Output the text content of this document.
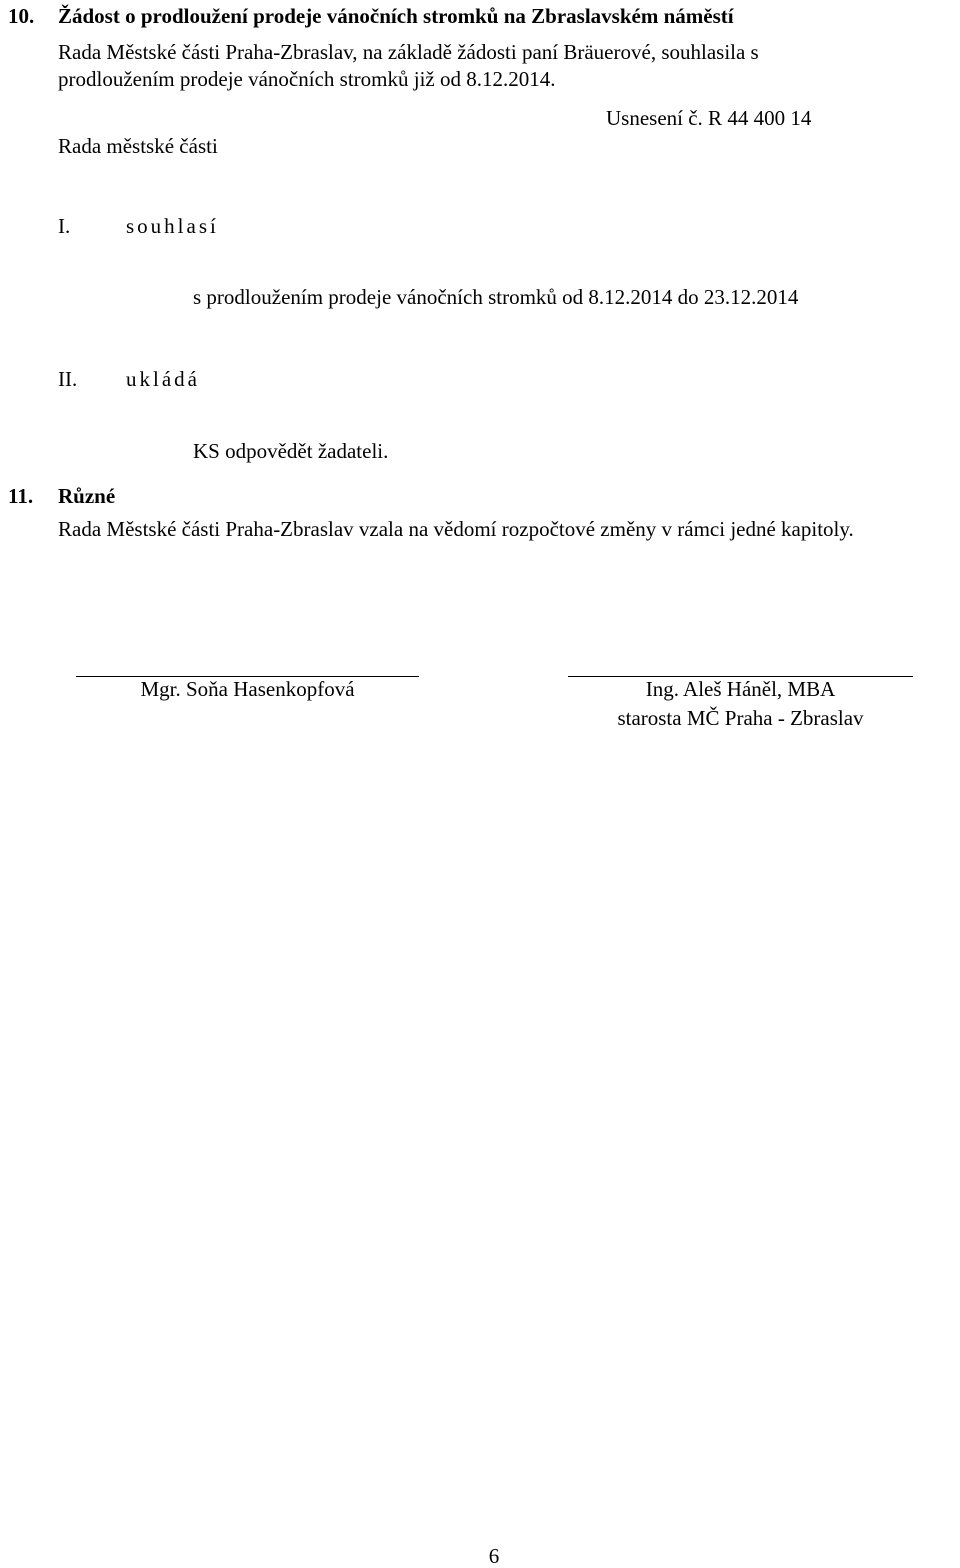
10. Žádost o prodloužení prodeje vánočních stromků na Zbraslavském náměstí
Rada Městské části Praha-Zbraslav, na základě žádosti paní Bräuerové, souhlasila s
prodloužením prodeje vánočních stromků již od 8.12.2014.
Usnesení č. R 44 400 14
Rada městské části
I.	souhlasí
s prodloužením prodeje vánočních stromků od 8.12.2014 do 23.12.2014
II. ukládá
KS odpovědět žadateli.
11. Různé
Rada Městské části Praha-Zbraslav vzala na vědomí rozpočtové změny v rámci jedné kapitoly.
Mgr. Soňa Hasenkopfová	Ing. Aleš Háněl, MBA
starosta MČ Praha - Zbraslav
6
